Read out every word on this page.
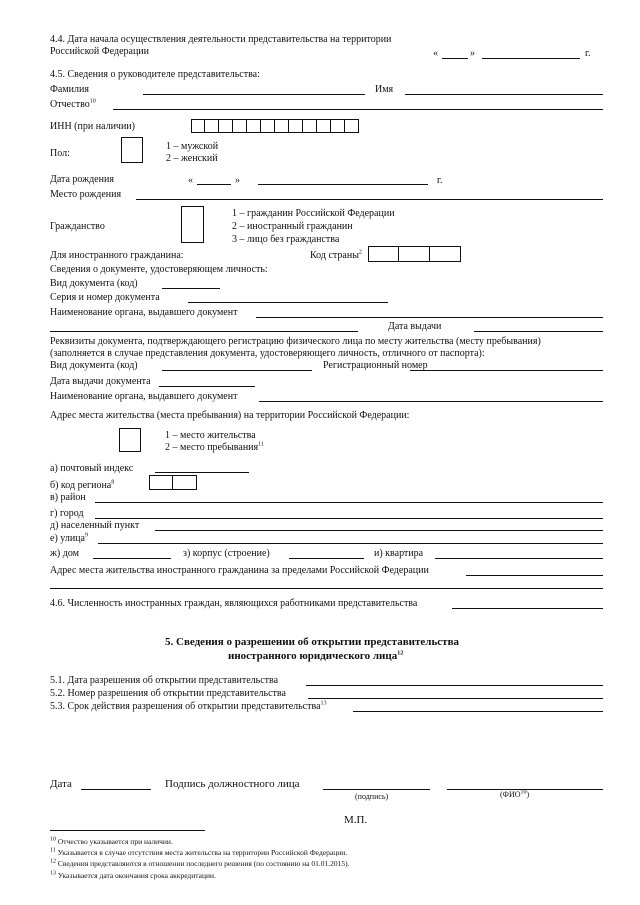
4.4. Дата начала осуществления деятельности представительства на территории
Российской Федерации	«	»	г.
4.5. Сведения о руководителе представительства:
Фамилия	Имя
Отчество$^{10}$
ИНН (при наличии)
Пол:
1 – мужской
2 – женский
Дата рождения	«	»	г.
Место рождения
Гражданство
1 – гражданин Российской Федерации
2 – иностранный гражданин
3 – лицо без гражданства
Для иностранного гражданина:	Код страны$^2$
Сведения о документе, удостоверяющем личность:
Вид документа (код)
Серия и номер документа
Наименование органа, выдавшего документ
Дата выдачи
Реквизиты документа, подтверждающего регистрацию физического лица по месту жительства (месту пребывания)
(заполняется в случае представления документа, удостоверяющего личность, отличного от паспорта):
Вид документа (код)	Регистрационный номер
Дата выдачи документа
Наименование органа, выдавшего документ
Адрес места жительства (места пребывания) на территории Российской Федерации:
1 – место жительства
2 – место пребывания$^{11}$
а) почтовый индекс
б) код региона$^8$
в) район
г) город
д) населенный пункт
е) улица$^9$
ж) дом	з) корпус (строение)	и) квартира
Адрес места жительства иностранного гражданина за пределами Российской Федерации
4.6. Численность иностранных граждан, являющихся работниками представительства
5. Сведения о разрешении об открытии представительства
иностранного юридического лица$^{12}$
5.1. Дата разрешения об открытии представительства
5.2. Номер разрешения об открытии представительства
5.3. Срок действия разрешения об открытии представительства$^{13}$
Дата	Подпись должностного лица
(подпись)	(ФИО$^{10}$)
М.П.
$^{10}$ Отчество указывается при наличии.
$^{11}$ Указывается в случае отсутствия места жительства на территории Российской Федерации.
$^{12}$ Сведения представляются в отношении последнего решения (по состоянию на 01.01.2015).
$^{13}$ Указывается дата окончания срока аккредитации.
